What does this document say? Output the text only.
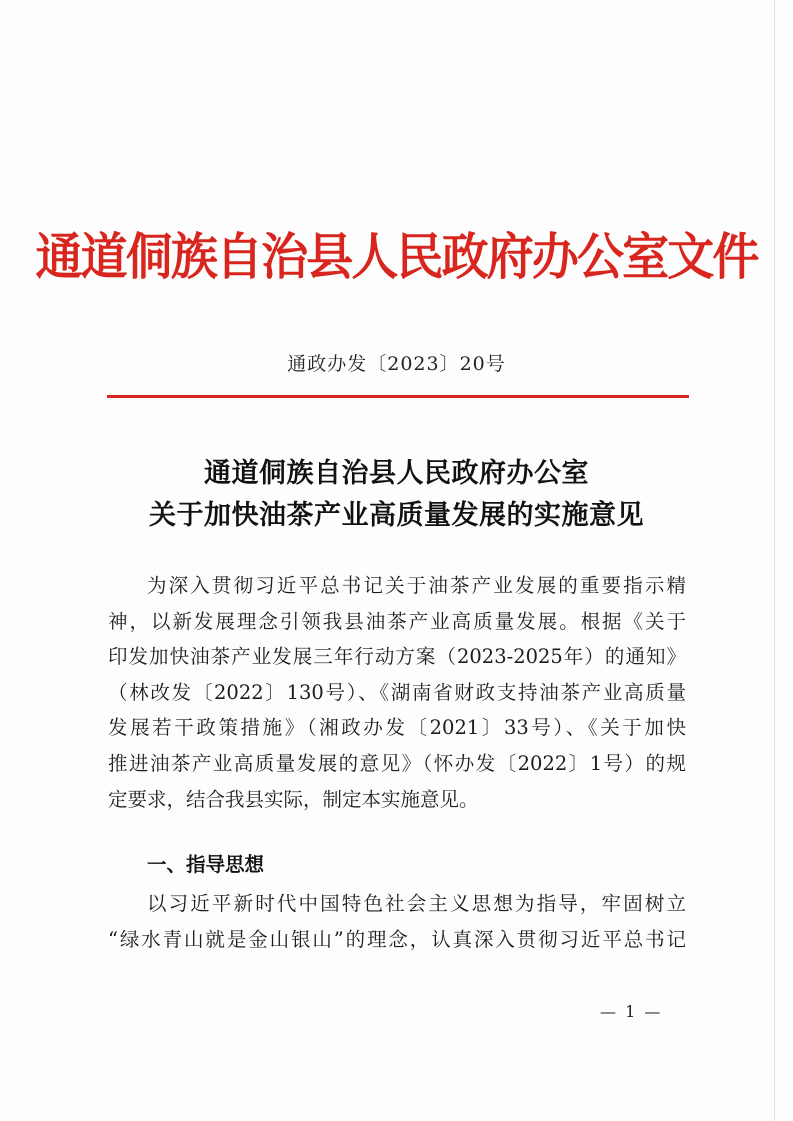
通道侗族自治县人民政府办公室文件
通政办发〔2023〕20号
通道侗族自治县人民政府办公室
关于加快油茶产业高质量发展的实施意见
为深入贯彻习近平总书记关于油茶产业发展的重要指示精
神，以新发展理念引领我县油茶产业高质量发展。根据《关于
印发加快油茶产业发展三年行动方案（2023-2025年）的通知》
（林改发〔2022〕130号）、《湖南省财政支持油茶产业高质量
发展若干政策措施》（湘政办发〔2021〕33号）、《关于加快
推进油茶产业高质量发展的意见》（怀办发〔2022〕1号）的规
定要求，结合我县实际，制定本实施意见。
一、指导思想
以习近平新时代中国特色社会主义思想为指导，牢固树立
“绿水青山就是金山银山”的理念，认真深入贯彻习近平总书记
— 1 —
